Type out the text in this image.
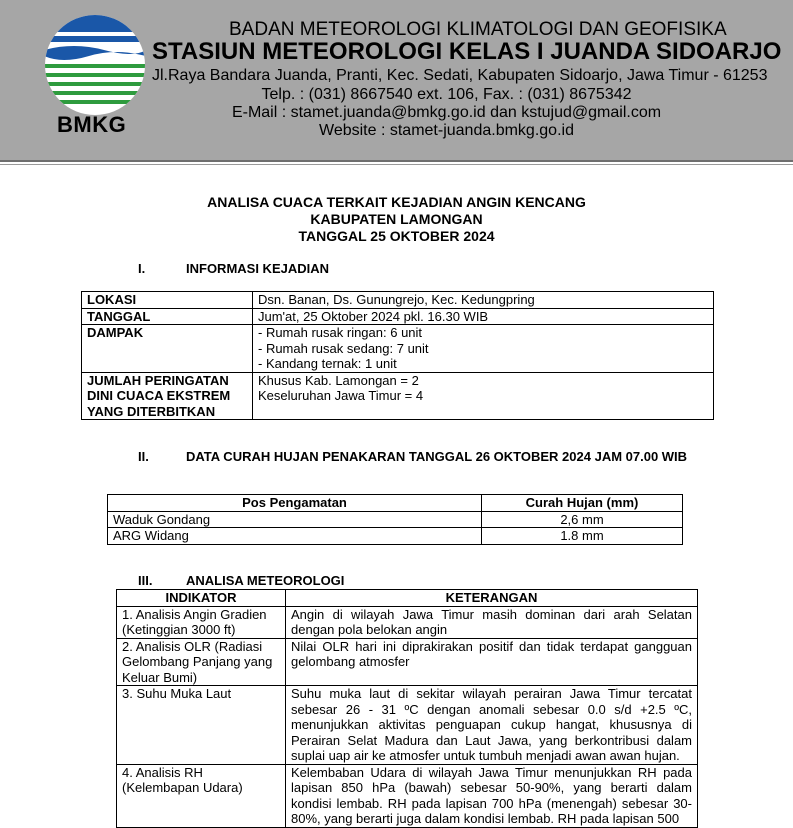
BMKG
BADAN METEOROLOGI KLIMATOLOGI DAN GEOFISIKA
STASIUN METEOROLOGI KELAS I JUANDA SIDOARJO
Jl.Raya Bandara Juanda, Pranti, Kec. Sedati, Kabupaten Sidoarjo, Jawa Timur - 61253
Telp. : (031) 8667540 ext. 106, Fax. : (031) 8675342
E-Mail : stamet.juanda@bmkg.go.id dan kstujud@gmail.com
Website : stamet-juanda.bmkg.go.id
ANALISA CUACA TERKAIT KEJADIAN ANGIN KENCANG
KABUPATEN LAMONGAN
TANGGAL 25 OKTOBER 2024
I.	INFORMASI KEJADIAN
LOKASI	Dsn. Banan, Ds. Gunungrejo, Kec. Kedungpring
TANGGAL	Jum'at, 25 Oktober 2024 pkl. 16.30 WIB
DAMPAK	- Rumah rusak ringan: 6 unit
- Rumah rusak sedang: 7 unit
- Kandang ternak: 1 unit

JUMLAH PERINGATAN DINI CUACA EKSTREM YANG DITERBITKAN	Khusus Kab. Lamongan = 2
Keseluruhan Jawa Timur = 4
II.	DATA CURAH HUJAN PENAKARAN TANGGAL 26 OKTOBER 2024 JAM 07.00 WIB
Pos Pengamatan	Curah Hujan (mm)
Waduk Gondang	2,6 mm
ARG Widang	1.8 mm
III.	ANALISA METEOROLOGI
INDIKATOR	KETERANGAN
1. Analisis Angin Gradien (Ketinggian 3000 ft)	Angin di wilayah Jawa Timur masih dominan dari arah Selatan dengan pola belokan angin
2. Analisis OLR (Radiasi Gelombang Panjang yang Keluar Bumi)	Nilai OLR hari ini diprakirakan positif dan tidak terdapat gangguan gelombang atmosfer
3. Suhu Muka Laut	Suhu muka laut di sekitar wilayah perairan Jawa Timur tercatat sebesar 26 - 31 ºC dengan anomali sebesar 0.0 s/d +2.5 ºC, menunjukkan aktivitas penguapan cukup hangat, khususnya di Perairan Selat Madura dan Laut Jawa, yang berkontribusi dalam suplai uap air ke atmosfer untuk tumbuh menjadi awan awan hujan.
4. Analisis RH (Kelembapan Udara)	Kelembaban Udara di wilayah Jawa Timur menunjukkan RH pada lapisan 850 hPa (bawah) sebesar 50-90%, yang berarti dalam kondisi lembab. RH pada lapisan 700 hPa (menengah) sebesar 30-80%, yang berarti juga dalam kondisi lembab. RH pada lapisan 500
